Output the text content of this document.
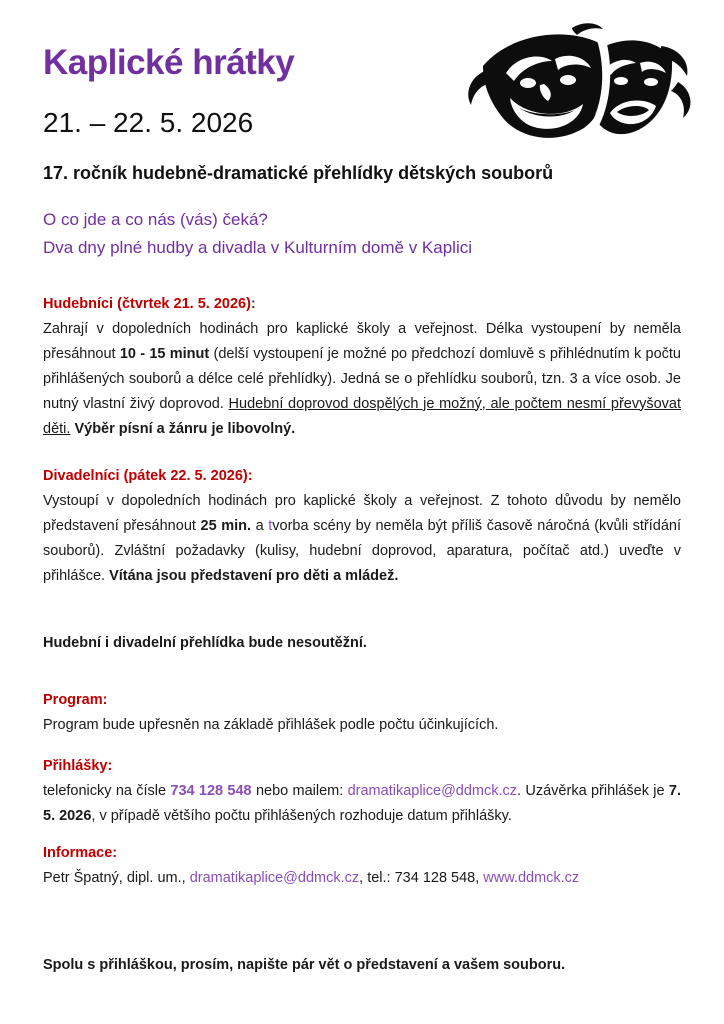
Kaplické hrátky
21. – 22. 5. 2026
17. ročník hudebně-dramatické přehlídky dětských souborů
O co jde a co nás (vás) čeká?
Dva dny plné hudby a divadla v Kulturním domě v Kaplici
Hudebníci (čtvrtek 21. 5. 2026):
Zahrají v dopoledních hodinách pro kaplické školy a veřejnost. Délka vystoupení by neměla přesáhnout 10 - 15 minut (delší vystoupení je možné po předchozí domluvě s přihlédnutím k počtu přihlášených souborů a délce celé přehlídky). Jedná se o přehlídku souborů, tzn. 3 a více osob. Je nutný vlastní živý doprovod. Hudební doprovod dospělých je možný, ale počtem nesmí převyšovat děti. Výběr písní a žánru je libovolný.
Divadelníci (pátek 22. 5. 2026):
Vystoupí v dopoledních hodinách pro kaplické školy a veřejnost. Z tohoto důvodu by nemělo představení přesáhnout 25 min. a tvorba scény by neměla být příliš časově náročná (kvůli střídání souborů). Zvláštní požadavky (kulisy, hudební doprovod, aparatura, počítač atd.) uveďte v přihlášce. Vítána jsou představení pro děti a mládež.
Hudební i divadelní přehlídka bude nesoutěžní.
Program:
Program bude upřesněn na základě přihlášek podle počtu účinkujících.
Přihlášky:
telefonicky na čísle 734 128 548 nebo mailem: dramatikaplice@ddmck.cz. Uzávěrka přihlášek je 7. 5. 2026, v případě většího počtu přihlášených rozhoduje datum přihlášky.
Informace:
Petr Špatný, dipl. um., dramatikaplice@ddmck.cz, tel.: 734 128 548, www.ddmck.cz
Spolu s přihláškou, prosím, napište pár vět o představení a vašem souboru.
